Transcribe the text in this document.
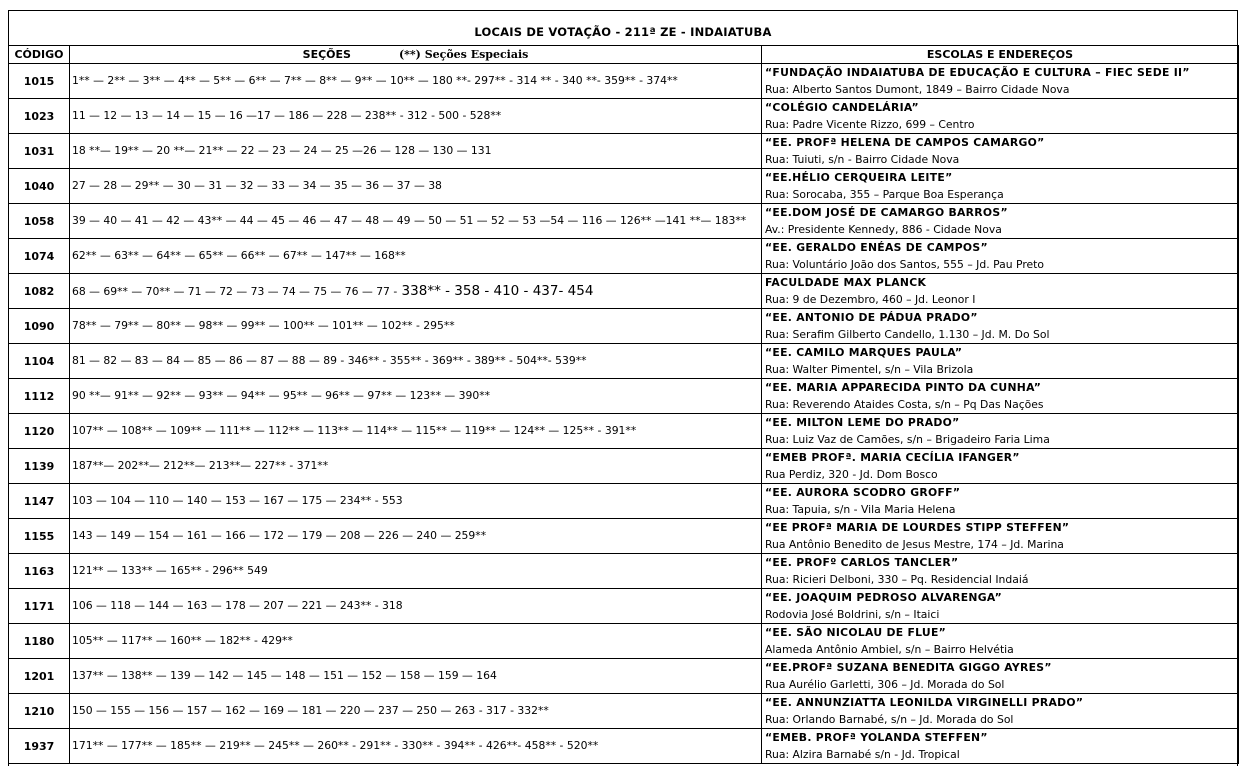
LOCAIS DE VOTAÇÃO - 211ª ZE - INDAIATUBA
CÓDIGO	SEÇÕES (**) Seções Especiais	ESCOLAS E ENDEREÇOS
1015	1** — 2** — 3** — 4** — 5** — 6** — 7** — 8** — 9** — 10** — 180 **- 297** - 314 ** - 340 **- 359** - 374**	“FUNDAÇÃO INDAIATUBA DE EDUCAÇÃO E CULTURA – FIEC SEDE II”
Rua: Alberto Santos Dumont, 1849 – Bairro Cidade Nova

1023	11 — 12 — 13 — 14 — 15 — 16 —17 — 186 — 228 — 238** - 312 - 500 - 528**	“COLÉGIO CANDELÁRIA”
Rua: Padre Vicente Rizzo, 699 – Centro

1031	18 **— 19** — 20 **— 21** — 22 — 23 — 24 — 25 —26 — 128 — 130 — 131	“EE. PROFª HELENA DE CAMPOS CAMARGO”
Rua: Tuiuti, s/n - Bairro Cidade Nova

1040	27 — 28 — 29** — 30 — 31 — 32 — 33 — 34 — 35 — 36 — 37 — 38	“EE.HÉLIO CERQUEIRA LEITE”
Rua: Sorocaba, 355 – Parque Boa Esperança

1058	39 — 40 — 41 — 42 — 43** — 44 — 45 — 46 — 47 — 48 — 49 — 50 — 51 — 52 — 53 —54 — 116 — 126** —141 **— 183**	“EE.DOM JOSÉ DE CAMARGO BARROS”
Av.: Presidente Kennedy, 886 - Cidade Nova

1074	62** — 63** — 64** — 65** — 66** — 67** — 147** — 168**	“EE. GERALDO ENÉAS DE CAMPOS”
Rua: Voluntário João dos Santos, 555 – Jd. Pau Preto

1082	68 — 69** — 70** — 71 — 72 — 73 — 74 — 75 — 76 — 77 - 338** - 358 - 410 - 437- 454	FACULDADE MAX PLANCK
Rua: 9 de Dezembro, 460 – Jd. Leonor I

1090	78** — 79** — 80** — 98** — 99** — 100** — 101** — 102** - 295**	“EE. ANTONIO DE PÁDUA PRADO”
Rua: Serafim Gilberto Candello, 1.130 – Jd. M. Do Sol

1104	81 — 82 — 83 — 84 — 85 — 86 — 87 — 88 — 89 - 346** - 355** - 369** - 389** - 504**- 539**	“EE. CAMILO MARQUES PAULA”
Rua: Walter Pimentel, s/n – Vila Brizola

1112	90 **— 91** — 92** — 93** — 94** — 95** — 96** — 97** — 123** — 390**	“EE. MARIA APPARECIDA PINTO DA CUNHA”
Rua: Reverendo Ataides Costa, s/n – Pq Das Nações

1120	107** — 108** — 109** — 111** — 112** — 113** — 114** — 115** — 119** — 124** — 125** - 391**	“EE. MILTON LEME DO PRADO”
Rua: Luiz Vaz de Camões, s/n – Brigadeiro Faria Lima

1139	187**— 202**— 212**— 213**— 227** - 371**	“EMEB PROFª. MARIA CECÍLIA IFANGER”
Rua Perdiz, 320 - Jd. Dom Bosco

1147	103 — 104 — 110 — 140 — 153 — 167 — 175 — 234** - 553	“EE. AURORA SCODRO GROFF”
Rua: Tapuia, s/n - Vila Maria Helena

1155	143 — 149 — 154 — 161 — 166 — 172 — 179 — 208 — 226 — 240 — 259**	“EE PROFª MARIA DE LOURDES STIPP STEFFEN”
Rua Antônio Benedito de Jesus Mestre, 174 – Jd. Marina

1163	121** — 133** — 165** - 296** 549	“EE. PROFº CARLOS TANCLER”
Rua: Ricieri Delboni, 330 – Pq. Residencial Indaiá

1171	106 — 118 — 144 — 163 — 178 — 207 — 221 — 243** - 318	“EE. JOAQUIM PEDROSO ALVARENGA”
Rodovia José Boldrini, s/n – Itaici

1180	105** — 117** — 160** — 182** - 429**	“EE. SÃO NICOLAU DE FLUE”
Alameda Antônio Ambiel, s/n – Bairro Helvétia

1201	137** — 138** — 139 — 142 — 145 — 148 — 151 — 152 — 158 — 159 — 164	“EE.PROFª SUZANA BENEDITA GIGGO AYRES”
Rua Aurélio Garletti, 306 – Jd. Morada do Sol

1210	150 — 155 — 156 — 157 — 162 — 169 — 181 — 220 — 237 — 250 — 263 - 317 - 332**	“EE. ANNUNZIATTA LEONILDA VIRGINELLI PRADO”
Rua: Orlando Barnabé, s/n – Jd. Morada do Sol

1937	171** — 177** — 185** — 219** — 245** — 260** - 291** - 330** - 394** - 426**- 458** - 520**	“EMEB. PROFª YOLANDA STEFFEN”
Rua: Alzira Barnabé s/n - Jd. Tropical
